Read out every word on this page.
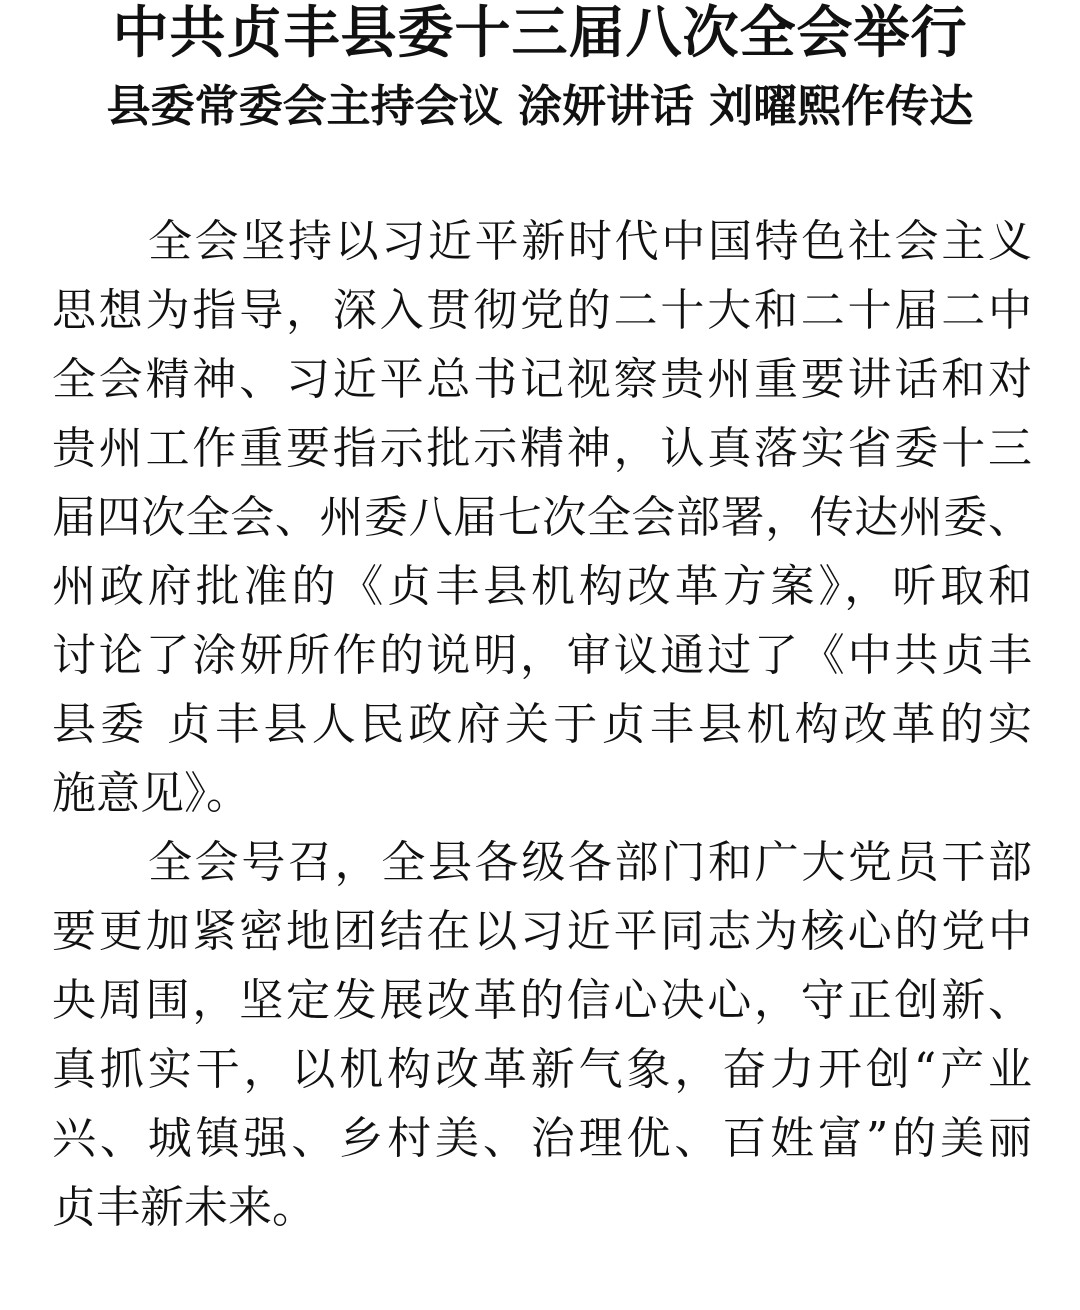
中共贞丰县委十三届八次全会举行
县委常委会主持会议 涂妍讲话 刘曜熙作传达
全会坚持以习近平新时代中国特色社会主义
思想为指导，深入贯彻党的二十大和二十届二中
全会精神、习近平总书记视察贵州重要讲话和对
贵州工作重要指示批示精神，认真落实省委十三
届四次全会、州委八届七次全会部署，传达州委、
州政府批准的《贞丰县机构改革方案》，听取和
讨论了涂妍所作的说明，审议通过了《中共贞丰
县委 贞丰县人民政府关于贞丰县机构改革的实
施意见》。
全会号召，全县各级各部门和广大党员干部
要更加紧密地团结在以习近平同志为核心的党中
央周围，坚定发展改革的信心决心，守正创新、
真抓实干，以机构改革新气象，奋力开创“产业
兴、城镇强、乡村美、治理优、百姓富”的美丽
贞丰新未来。
